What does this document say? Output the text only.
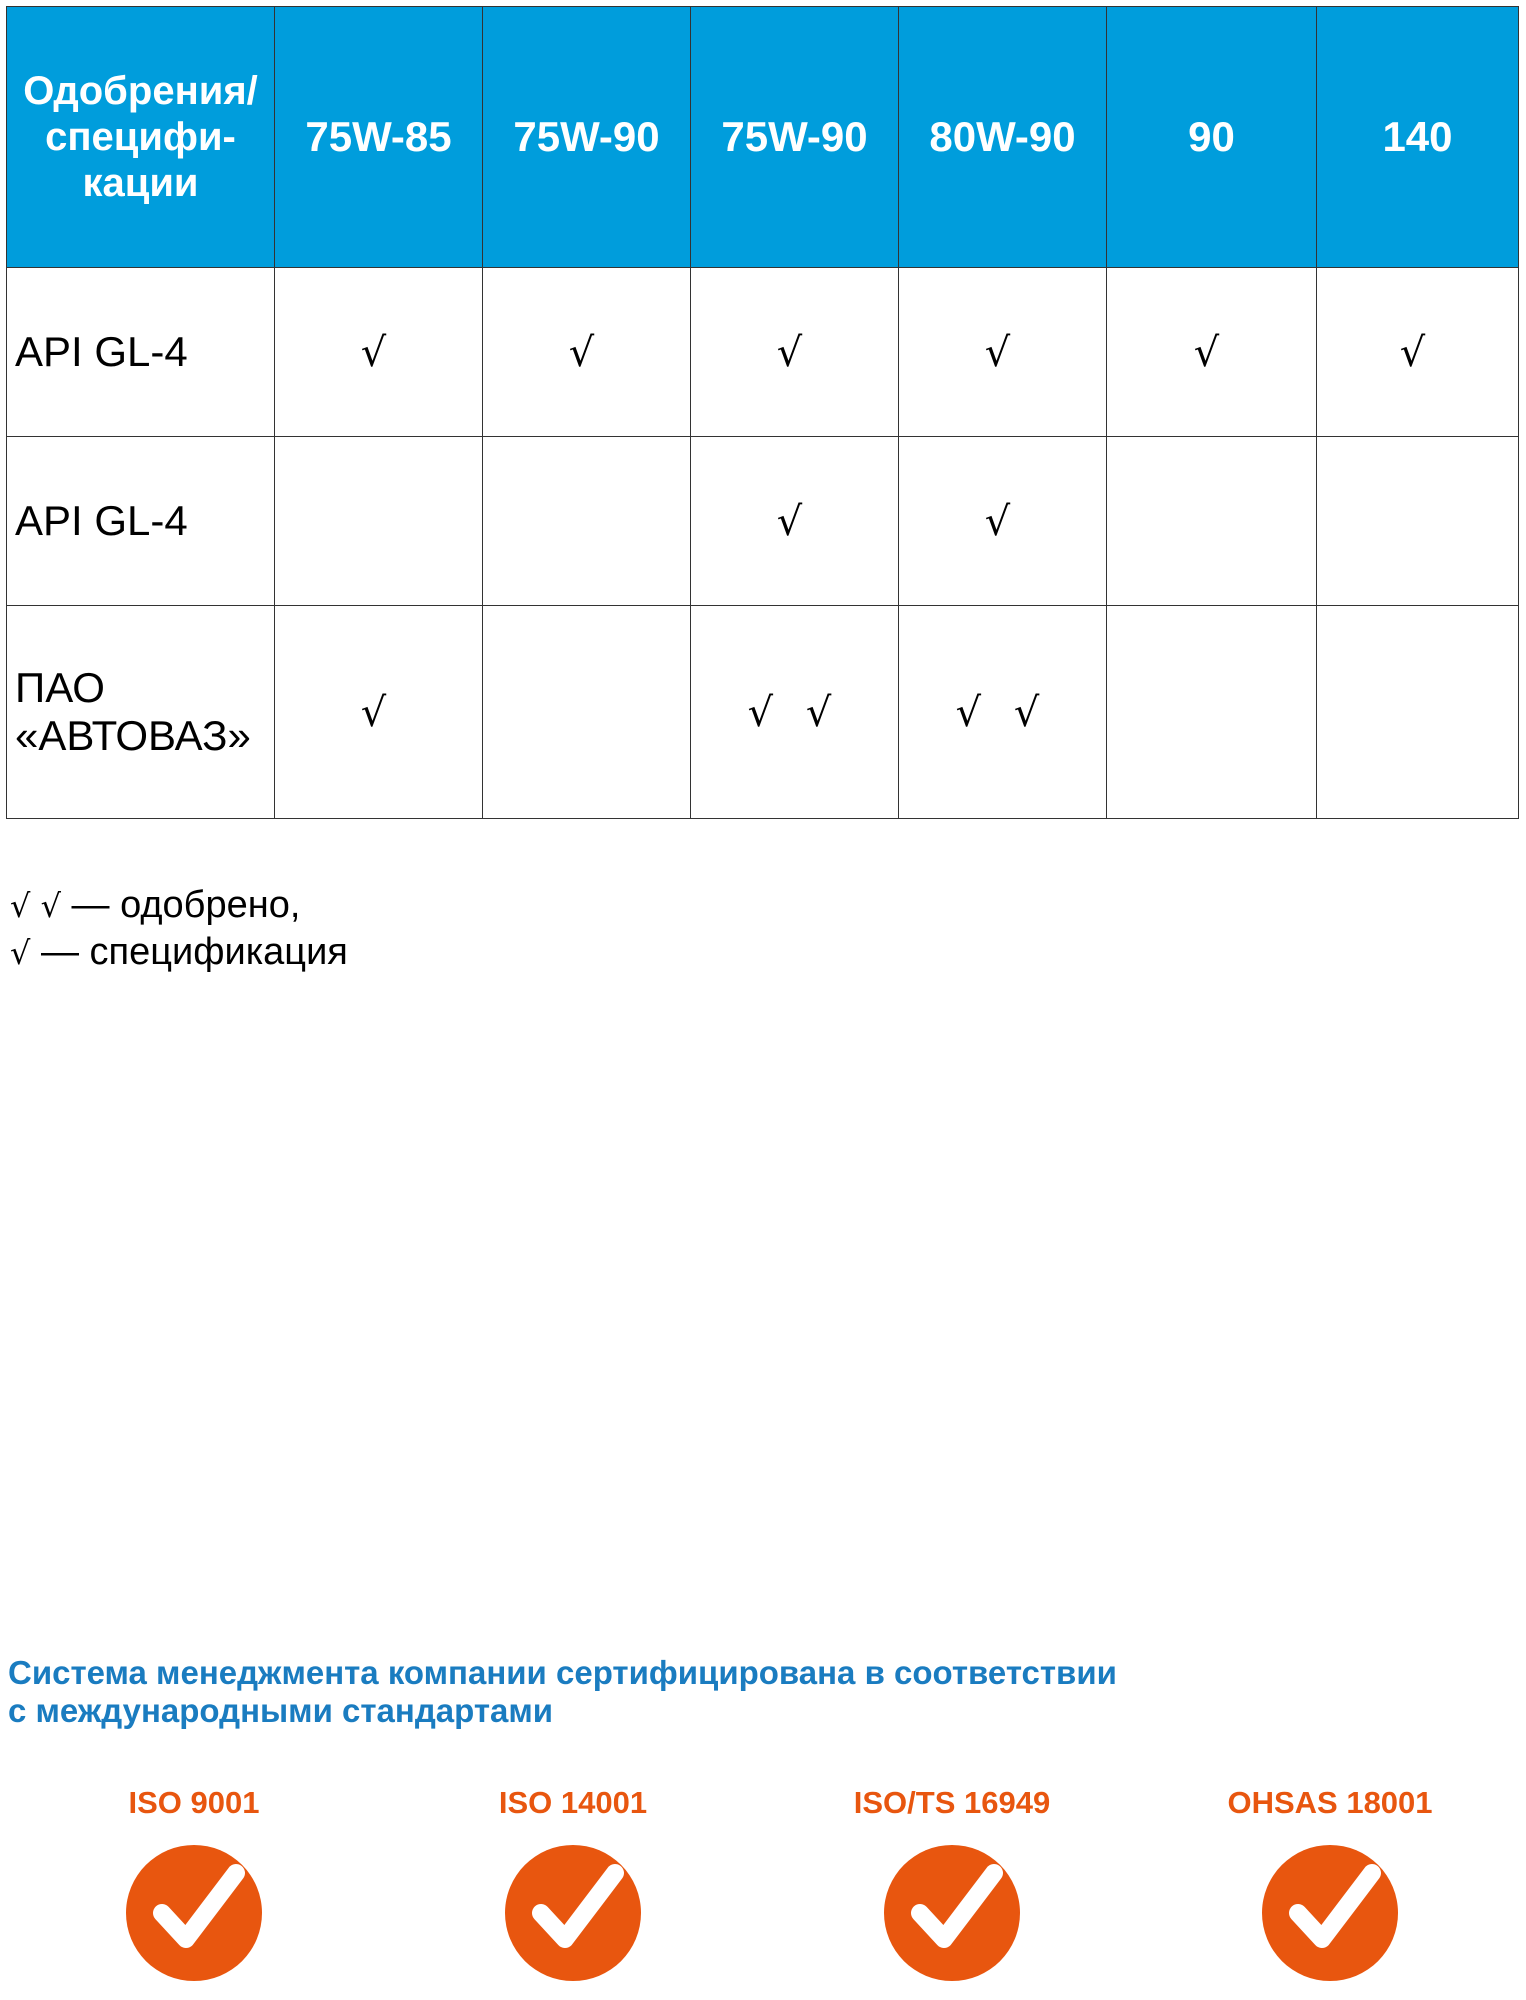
Одобрения/
специфи-
кации	75W-85	75W-90	75W-90	80W-90	90	140

API GL-4	√	√	√	√	√	√

API GL-4			√	√		

ПАО
«АВТОВАЗ»	√		√ √	√ √		
√ √ — одобрено,
√ — спецификация
Система менеджмента компании сертифицирована в соответствии
с международными стандартами
ISO 9001	ISO 14001	ISO/TS 16949	OHSAS 18001
